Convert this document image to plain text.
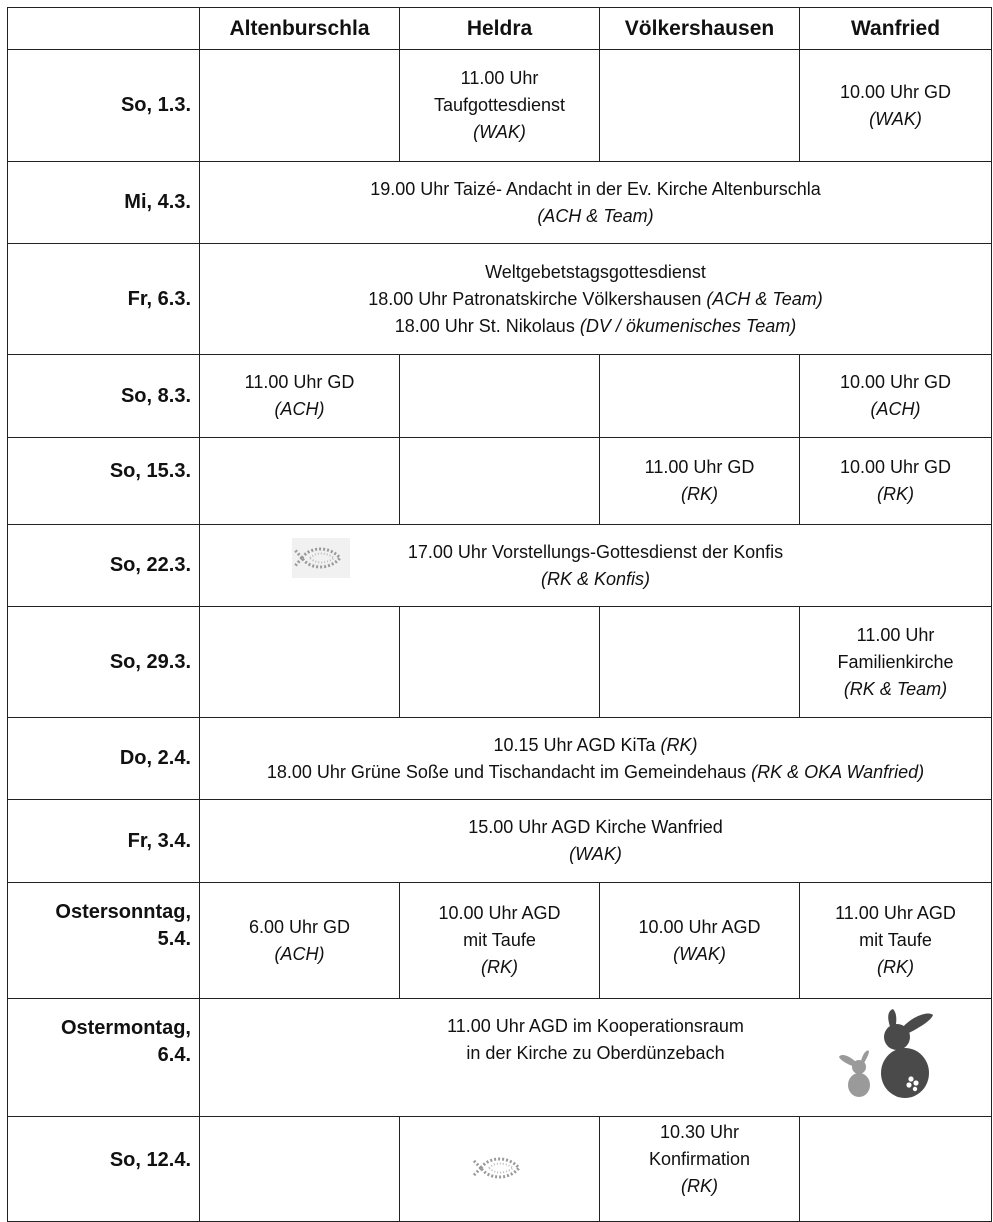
	Altenburschla	Heldra	Völkershausen	Wanfried
So, 1.3.		11.00 Uhr
Taufgottesdienst
(WAK)		10.00 Uhr GD
(WAK)

Mi, 4.3.	19.00 Uhr Taizé- Andacht in der Ev. Kirche Altenburschla
(ACH & Team)			

Fr, 6.3.	Weltgebetstagsgottesdienst
18.00 Uhr Patronatskirche Völkershausen (ACH & Team)
18.00 Uhr St. Nikolaus (DV / ökumenisches Team)			

So, 8.3.	11.00 Uhr GD
(ACH)			10.00 Uhr GD
(ACH)

So, 15.3.			11.00 Uhr GD
(RK)	10.00 Uhr GD
(RK)

So, 22.3.	17.00 Uhr Vorstellungs-Gottesdienst der Konfis
(RK & Konfis)			

So, 29.3.				11.00 Uhr
Familienkirche
(RK & Team)

Do, 2.4.	10.15 Uhr AGD KiTa (RK)
18.00 Uhr Grüne Soße und Tischandacht im Gemeindehaus (RK & OKA Wanfried)			

Fr, 3.4.	15.00 Uhr AGD Kirche Wanfried
(WAK)			

Ostersonntag,
5.4.	6.00 Uhr GD
(ACH)	10.00 Uhr AGD
mit Taufe
(RK)	10.00 Uhr AGD
(WAK)	11.00 Uhr AGD
mit Taufe
(RK)

Ostermontag,
6.4.	11.00 Uhr AGD im Kooperationsraum
in der Kirche zu Oberdünzebach			

So, 12.4.			10.30 Uhr
Konfirmation
(RK)	
